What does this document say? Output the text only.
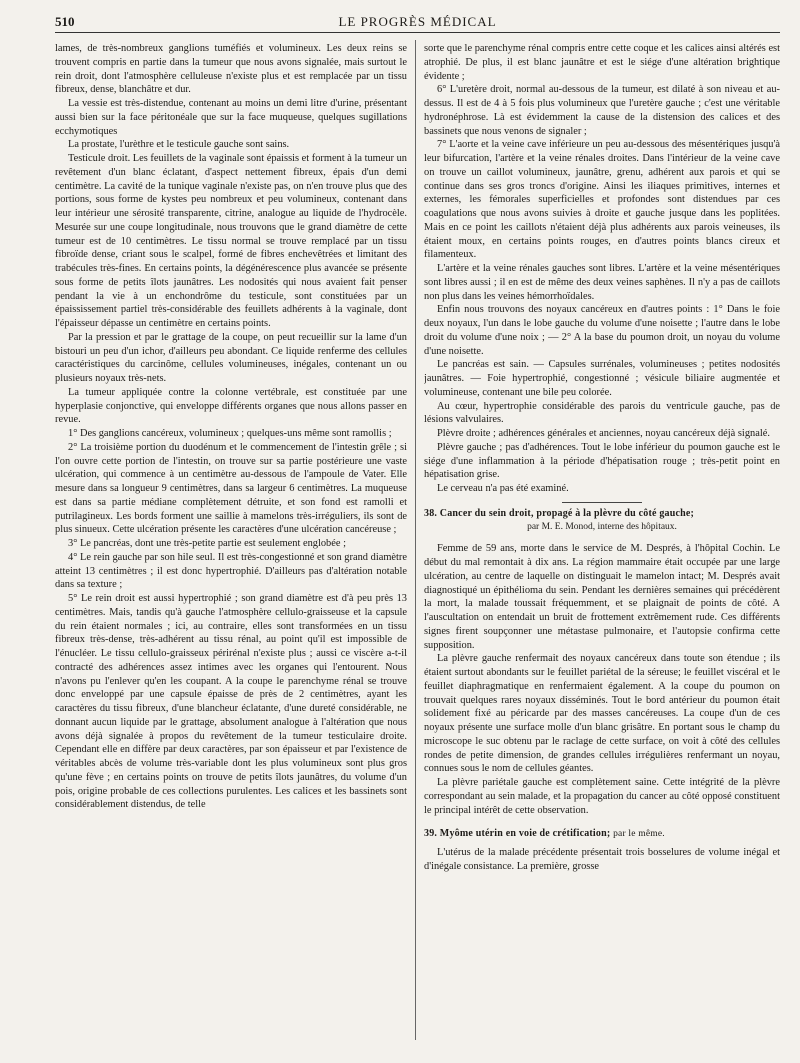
510	LE PROGRÈS MÉDICAL

lames, de très-nombreux ganglions tuméfiés et volumineux. Les deux reins se trouvent compris en partie dans la tumeur que nous avons signalée, mais surtout le rein droit, dont l'atmosphère celluleuse n'existe plus et est remplacée par un tissu fibreux, dense, blanchâtre et dur.

La vessie est très-distendue, contenant au moins un demi litre d'urine, présentant aussi bien sur la face péritonéale que sur la face muqueuse, quelques sugillations ecchymotiques

La prostate, l'urèthre et le testicule gauche sont sains.

Testicule droit. Les feuillets de la vaginale sont épaissis et forment à la tumeur un revêtement d'un blanc éclatant, d'aspect nettement fibreux, épais d'un demi centimètre. La cavité de la tunique vaginale n'existe pas, on n'en trouve plus que des portions, sous forme de kystes peu nombreux et peu volumineux, contenant dans leur intérieur une sérosité transparente, citrine, analogue au liquide de l'hydrocèle. Mesurée sur une coupe longitudinale, nous trouvons que le grand diamètre de cette tumeur est de 10 centimètres. Le tissu normal se trouve remplacé par un tissu fibroïde dense, criant sous le scalpel, formé de fibres enchevêtrées et limitant des trabécules très-fines. En certains points, la dégénérescence plus avancée se présente sous forme de petits îlots jaunâtres. Les nodosités qui nous avaient fait penser pendant la vie à un enchondrôme du testicule, sont constituées par un épaississement partiel très-considérable des feuillets adhérents à la vaginale, dont l'épaisseur dépasse un centimètre en certains points.

Par la pression et par le grattage de la coupe, on peut recueillir sur la lame d'un bistouri un peu d'un ichor, d'ailleurs peu abondant. Ce liquide renferme des cellules caractéristiques du carcinôme, cellules volumineuses, inégales, contenant un ou plusieurs noyaux très-nets.

La tumeur appliquée contre la colonne vertébrale, est constituée par une hyperplasie conjonctive, qui enveloppe différents organes que nous allons passer en revue.

1° Des ganglions cancéreux, volumineux ; quelques-uns même sont ramollis ;

2° La troisième portion du duodénum et le commencement de l'intestin grêle ; si l'on ouvre cette portion de l'intestin, on trouve sur sa partie postérieure une vaste ulcération, qui commence à un centimètre au-dessous de l'ampoule de Vater. Elle mesure dans sa longueur 9 centimètres, dans sa largeur 6 centimètres. La muqueuse est dans sa partie médiane complètement détruite, et son fond est ramolli et putrilagineux. Les bords forment une saillie à mamelons très-irréguliers, ils sont de plus sinueux. Cette ulcération présente les caractères d'une ulcération cancéreuse ;

3° Le pancréas, dont une très-petite partie est seulement englobée ;

4° Le rein gauche par son hile seul. Il est très-congestionné et son grand diamètre atteint 13 centimètres ; il est donc hypertrophié. D'ailleurs pas d'altération notable dans sa texture ;

5° Le rein droit est aussi hypertrophié ; son grand diamètre est d'à peu près 13 centimètres. Mais, tandis qu'à gauche l'atmosphère cellulo-graisseuse et la capsule du rein étaient normales ; ici, au contraire, elles sont transformées en un tissu fibreux très-dense, très-adhérent au tissu rénal, au point qu'il est impossible de l'énucléer. Le tissu cellulo-graisseux périrénal n'existe plus ; aussi ce viscère a-t-il contracté des adhérences assez intimes avec les organes qui l'entourent. Nous n'avons pu l'enlever qu'en les coupant. A la coupe le parenchyme rénal se trouve donc enveloppé par une capsule épaisse de près de 2 centimètres, ayant les caractères du tissu fibreux, d'une blancheur éclatante, d'une dureté considérable, ne donnant aucun liquide par le grattage, absolument analogue à l'altération que nous avons déjà signalée à propos du revêtement de la tumeur testiculaire droite. Cependant elle en diffère par deux caractères, par son épaisseur et par l'existence de véritables abcès de volume très-variable dont les plus volumineux sont plus gros qu'une fève ; en certains points on trouve de petits îlots jaunâtres, du volume d'un pois, origine probable de ces collections purulentes. Les calices et les bassinets sont considérablement distendus, de telle

sorte que le parenchyme rénal compris entre cette coque et les calices ainsi altérés est atrophié. De plus, il est blanc jaunâtre et est le siége d'une altération brightique évidente ;

6° L'uretère droit, normal au-dessous de la tumeur, est dilaté à son niveau et au-dessus. Il est de 4 à 5 fois plus volumineux que l'uretère gauche ; c'est une véritable hydronéphrose. Là est évidemment la cause de la distension des calices et des bassinets que nous venons de signaler ;

7° L'aorte et la veine cave inférieure un peu au-dessous des mésentériques jusqu'à leur bifurcation, l'artère et la veine rénales droites. Dans l'intérieur de la veine cave on trouve un caillot volumineux, jaunâtre, grenu, adhérent aux parois et qui se continue dans ses gros troncs d'origine. Ainsi les iliaques primitives, internes et externes, les fémorales superficielles et profondes sont distendues par ces coagulations que nous avons suivies à droite et gauche jusque dans les poplitées. Mais en ce point les caillots n'étaient déjà plus adhérents aux parois veineuses, ils étaient moux, en certains points rouges, en d'autres points blancs cireux et filamenteux.

L'artère et la veine rénales gauches sont libres. L'artère et la veine mésentériques sont libres aussi ; il en est de même des deux veines saphènes. Il n'y a pas de caillots non plus dans les veines hémorrhoïdales.

Enfin nous trouvons des noyaux cancéreux en d'autres points : 1° Dans le foie deux noyaux, l'un dans le lobe gauche du volume d'une noisette ; l'autre dans le lobe droit du volume d'une noix ; — 2° A la base du poumon droit, un noyau du volume d'une noisette.

Le pancréas est sain. — Capsules surrénales, volumineuses ; petites nodosités jaunâtres. — Foie hypertrophié, congestionné ; vésicule biliaire augmentée et volumineuse, contenant une bile peu colorée.

Au cœur, hypertrophie considérable des parois du ventricule gauche, pas de lésions valvulaires.

Plèvre droite ; adhérences générales et anciennes, noyau cancéreux déjà signalé.

Plèvre gauche ; pas d'adhérences. Tout le lobe inférieur du poumon gauche est le siége d'une inflammation à la période d'hépatisation rouge ; très-petit point en hépatisation grise.

Le cerveau n'a pas été examiné.

38. Cancer du sein droit, propagé à la plèvre du côté gauche;

par M. E. Monod, interne des hôpitaux.

Femme de 59 ans, morte dans le service de M. Després, à l'hôpital Cochin. Le début du mal remontait à dix ans. La région mammaire était occupée par une large ulcération, au centre de laquelle on distinguait le mamelon intact; M. Després avait diagnostiqué un épithélioma du sein. Pendant les dernières semaines qui précédèrent la mort, la malade toussait fréquemment, et se plaignait de points de côté. A l'auscultation on entendait un bruit de frottement extrêmement rude. Ces différents signes firent soupçonner une métastase pulmonaire, et l'autopsie confirma cette supposition.

La plèvre gauche renfermait des noyaux cancéreux dans toute son étendue ; ils étaient surtout abondants sur le feuillet pariétal de la séreuse; le feuillet viscéral et le feuillet diaphragmatique en renfermaient également. A la coupe du poumon on trouvait quelques rares noyaux disséminés. Tout le bord antérieur du poumon était solidement fixé au péricarde par des masses cancéreuses. La coupe d'un de ces noyaux présente une surface molle d'un blanc grisâtre. En portant sous le champ du microscope le suc obtenu par le raclage de cette surface, on voit à côté des cellules rondes de petite dimension, de grandes cellules irrégulières renfermant un noyau, connues sous le nom de cellules géantes.

La plèvre pariétale gauche est complètement saine. Cette intégrité de la plèvre correspondant au sein malade, et la propagation du cancer au côté opposé constituent le principal intérêt de cette observation.

39. Myôme utérin en voie de crétification; par le même.

L'utérus de la malade précédente présentait trois bosselures de volume inégal et d'inégale consistance. La première, grosse
